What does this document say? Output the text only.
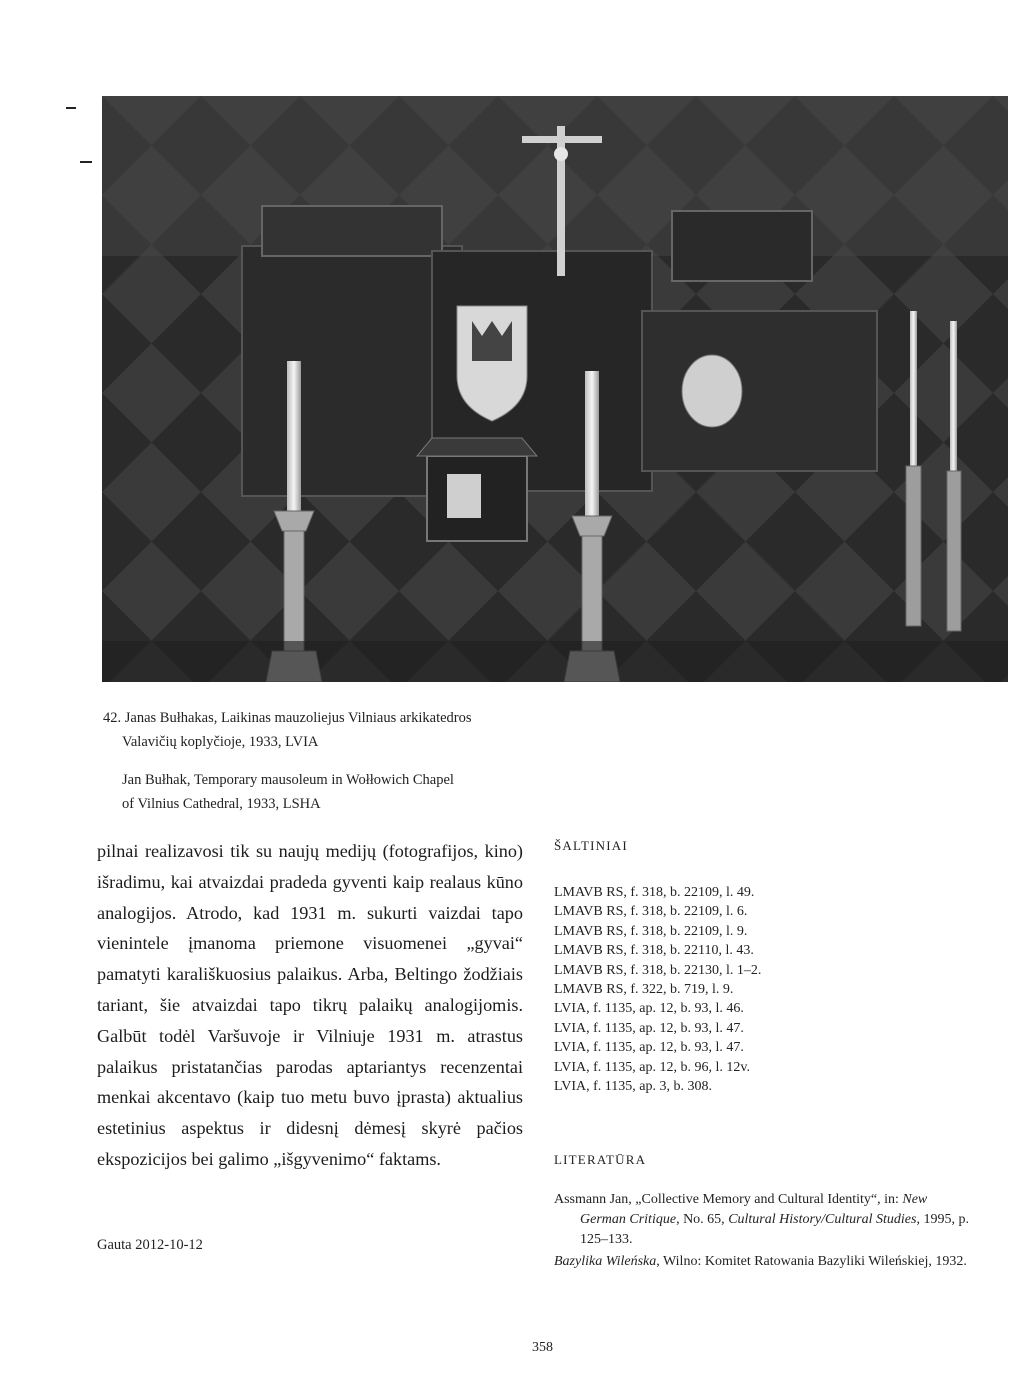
42. Janas Bułhakas, Laikinas mauzoliejus Vilniaus arkikatedros

Valavičių koplyčioje, 1933, LVIA

Jan Bułhak, Temporary mausoleum in Wołłowich Chapel
of Vilnius Cathedral, 1933, LSHA

pilnai realizavosi tik su naujų medijų (fotografijos, kino) išradimu, kai atvaizdai pradeda gyventi kaip realaus kūno analogijos. Atrodo, kad 1931 m. sukurti vaizdai tapo vienintele įmanoma priemone visuomenei „gyvai“ pamatyti karališkuosius palaikus. Arba, Beltingo žodžiais tariant, šie atvaizdai tapo tikrų palaikų analogijomis. Galbūt todėl Varšuvoje ir Vilniuje 1931 m. atrastus palaikus pristatančias parodas aptariantys recenzentai menkai akcentavo (kaip tuo metu buvo įprasta) aktualius estetinius aspektus ir didesnį dėmesį skyrė pačios ekspozicijos bei galimo „išgyvenimo“ faktams.
Gauta 2012-10-12
ŠALTINIAI
LMAVB RS, f. 318, b. 22109, l. 49.
LMAVB RS, f. 318, b. 22109, l. 6.
LMAVB RS, f. 318, b. 22109, l. 9.
LMAVB RS, f. 318, b. 22110, l. 43.
LMAVB RS, f. 318, b. 22130, l. 1–2.
LMAVB RS, f. 322, b. 719, l. 9.
LVIA, f. 1135, ap. 12, b. 93, l. 46.
LVIA, f. 1135, ap. 12, b. 93, l. 47.
LVIA, f. 1135, ap. 12, b. 93, l. 47.
LVIA, f. 1135, ap. 12, b. 96, l. 12v.
LVIA, f. 1135, ap. 3, b. 308.
LITERATŪRA
Assmann Jan, „Collective Memory and Cultural Identity“, in: New German Critique, No. 65, Cultural History/Cultural Studies, 1995, p. 125–133.
Bazylika Wileńska, Wilno: Komitet Ratowania Bazyliki Wileńskiej, 1932.
358
